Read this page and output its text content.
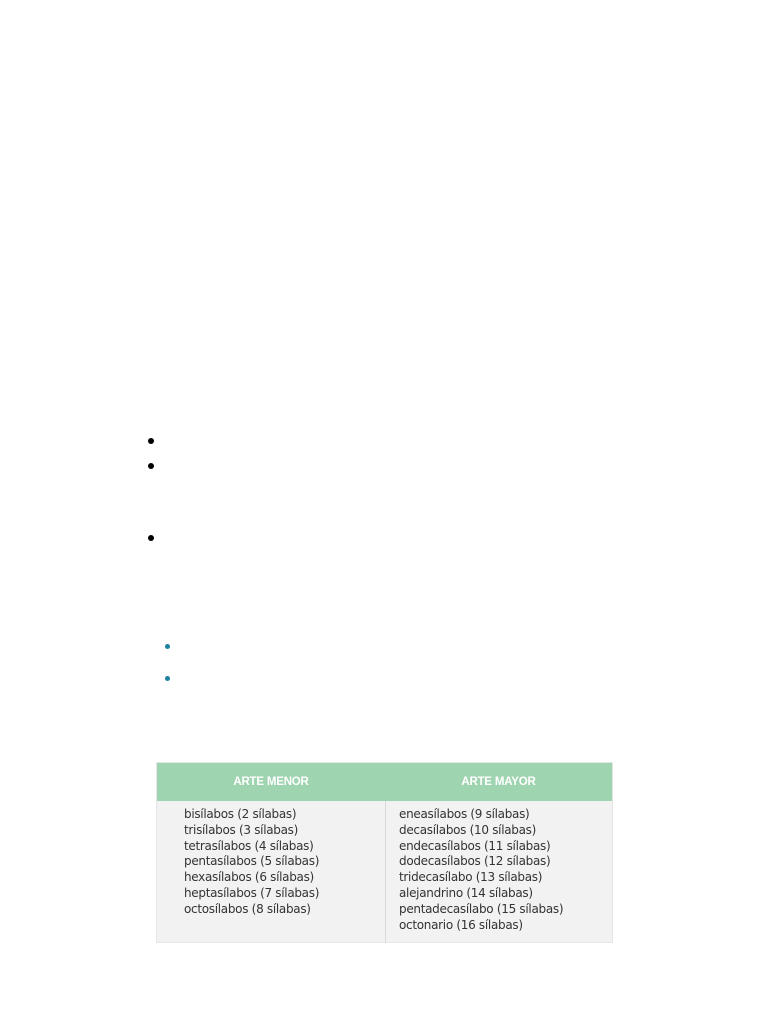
ARTE MENOR	ARTE MAYOR
bisílabos (2 sílabas)
trisílabos (3 sílabas)
tetrasílabos (4 sílabas)
pentasílabos (5 sílabas)
hexasílabos (6 sílabas)
heptasílabos (7 sílabas)
octosílabos (8 sílabas)
eneasílabos (9 sílabas)
decasílabos (10 sílabas)
endecasílabos (11 sílabas)
dodecasílabos (12 sílabas)
tridecasílabo (13 sílabas)
alejandrino (14 sílabas)
pentadecasílabo (15 sílabas)
octonario (16 sílabas)
